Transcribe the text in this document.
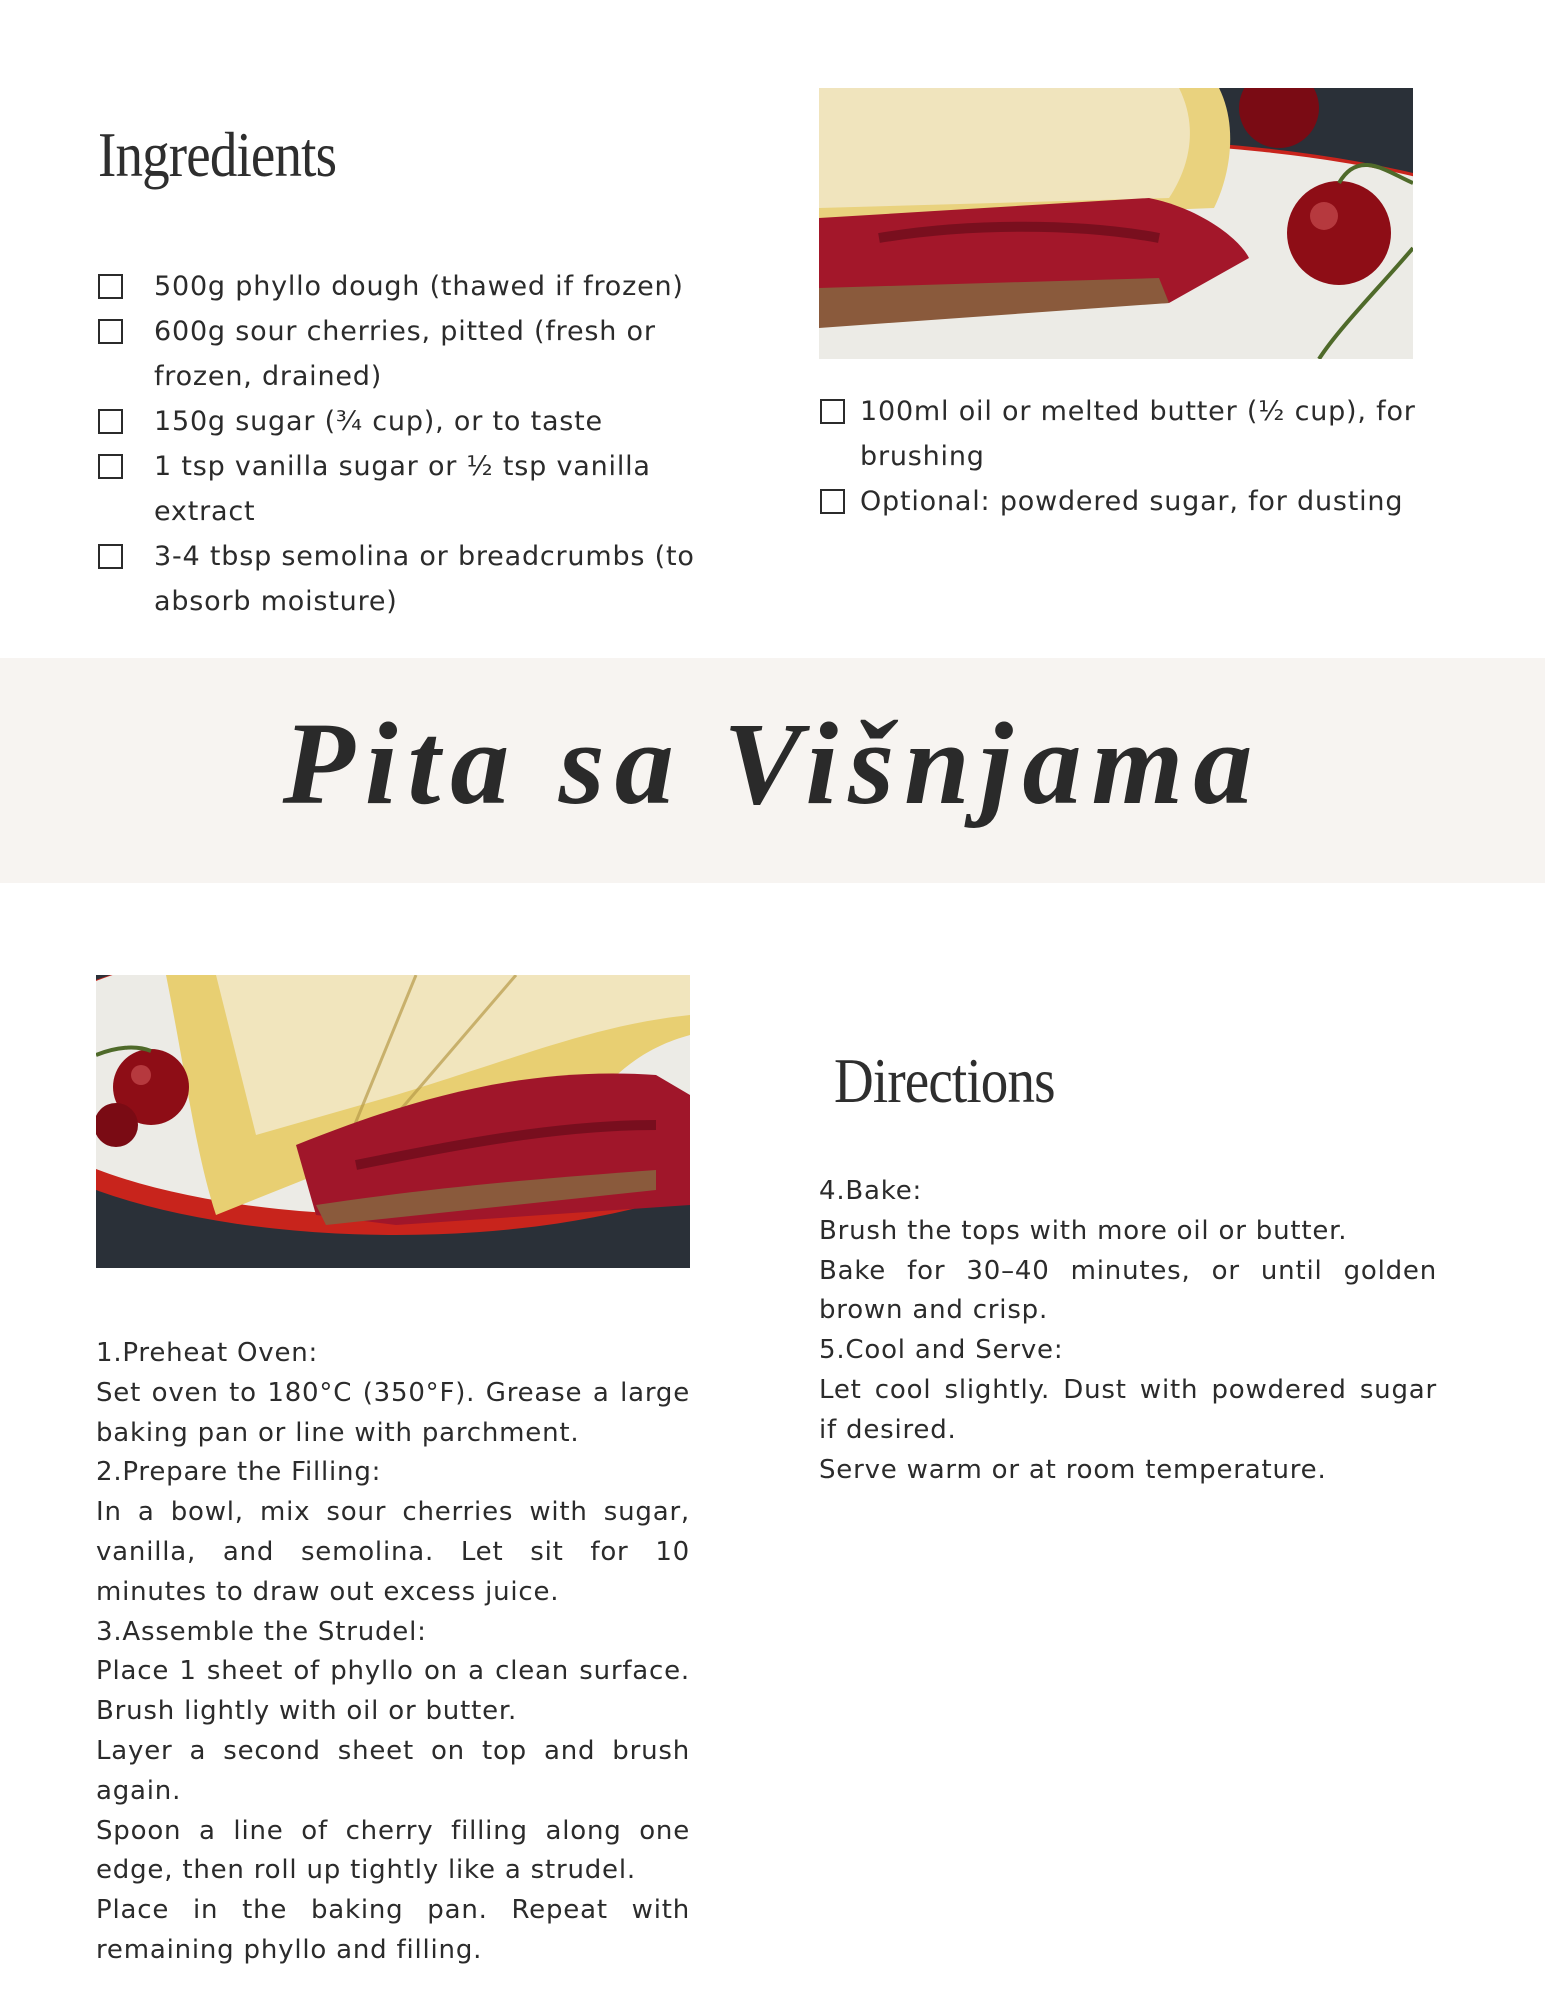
Ingredients
500g phyllo dough (thawed if frozen)
600g sour cherries, pitted (fresh or frozen, drained)
150g sugar (¾ cup), or to taste
1 tsp vanilla sugar or ½ tsp vanilla extract
3-4 tbsp semolina or breadcrumbs (to absorb moisture)
100ml oil or melted butter (½ cup), for brushing
Optional: powdered sugar, for dusting
Pita sa Višnjama
Directions

1.Preheat Oven:

Set oven to 180°C (350°F). Grease a large baking pan or line with parchment.

2.Prepare the Filling:

In a bowl, mix sour cherries with sugar, vanilla, and semolina. Let sit for 10 minutes to draw out excess juice.

3.Assemble the Strudel:

Place 1 sheet of phyllo on a clean surface. Brush lightly with oil or butter.

Layer a second sheet on top and brush again.

Spoon a line of cherry filling along one edge, then roll up tightly like a strudel.

Place in the baking pan. Repeat with remaining phyllo and filling.

4.Bake:

Brush the tops with more oil or butter.

Bake for 30–40 minutes, or until golden brown and crisp.

5.Cool and Serve:

Let cool slightly. Dust with powdered sugar if desired.

Serve warm or at room temperature.
